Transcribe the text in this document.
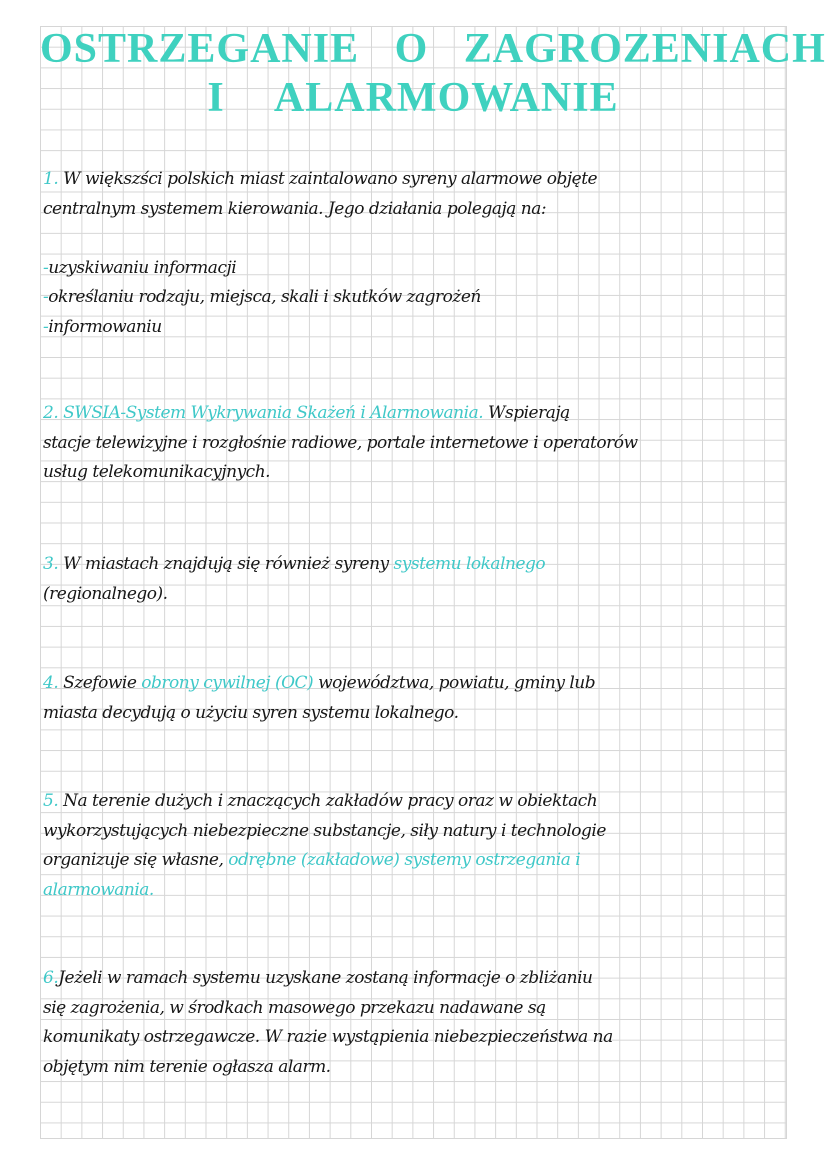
OSTRZEGANIE O ZAGROZENIACH
I ALARMOWANIE
1. W większści polskich miast zaintalowano syreny alarmowe objęte
centralnym systemem kierowania. Jego działania polegają na:

-uzyskiwaniu informacji
-określaniu rodzaju, miejsca, skali i skutków zagrożeń
-informowaniu
2. SWSIA-System Wykrywania Skażeń i Alarmowania. Wspierają
stacje telewizyjne i rozgłośnie radiowe, portale internetowe i operatorów
usług telekomunikacyjnych.
3. W miastach znajdują się również syreny systemu lokalnego
(regionalnego).
4. Szefowie obrony cywilnej (OC) województwa, powiatu, gminy lub
miasta decydują o użyciu syren systemu lokalnego.
5. Na terenie dużych i znaczących zakładów pracy oraz w obiektach
wykorzystujących niebezpieczne substancje, siły natury i technologie
organizuje się własne, odrębne (zakładowe) systemy ostrzegania i
alarmowania.
6.Jeżeli w ramach systemu uzyskane zostaną informacje o zbliżaniu
się zagrożenia, w środkach masowego przekazu nadawane są
komunikaty ostrzegawcze. W razie wystąpienia niebezpieczeństwa na
objętym nim terenie ogłasza alarm.
